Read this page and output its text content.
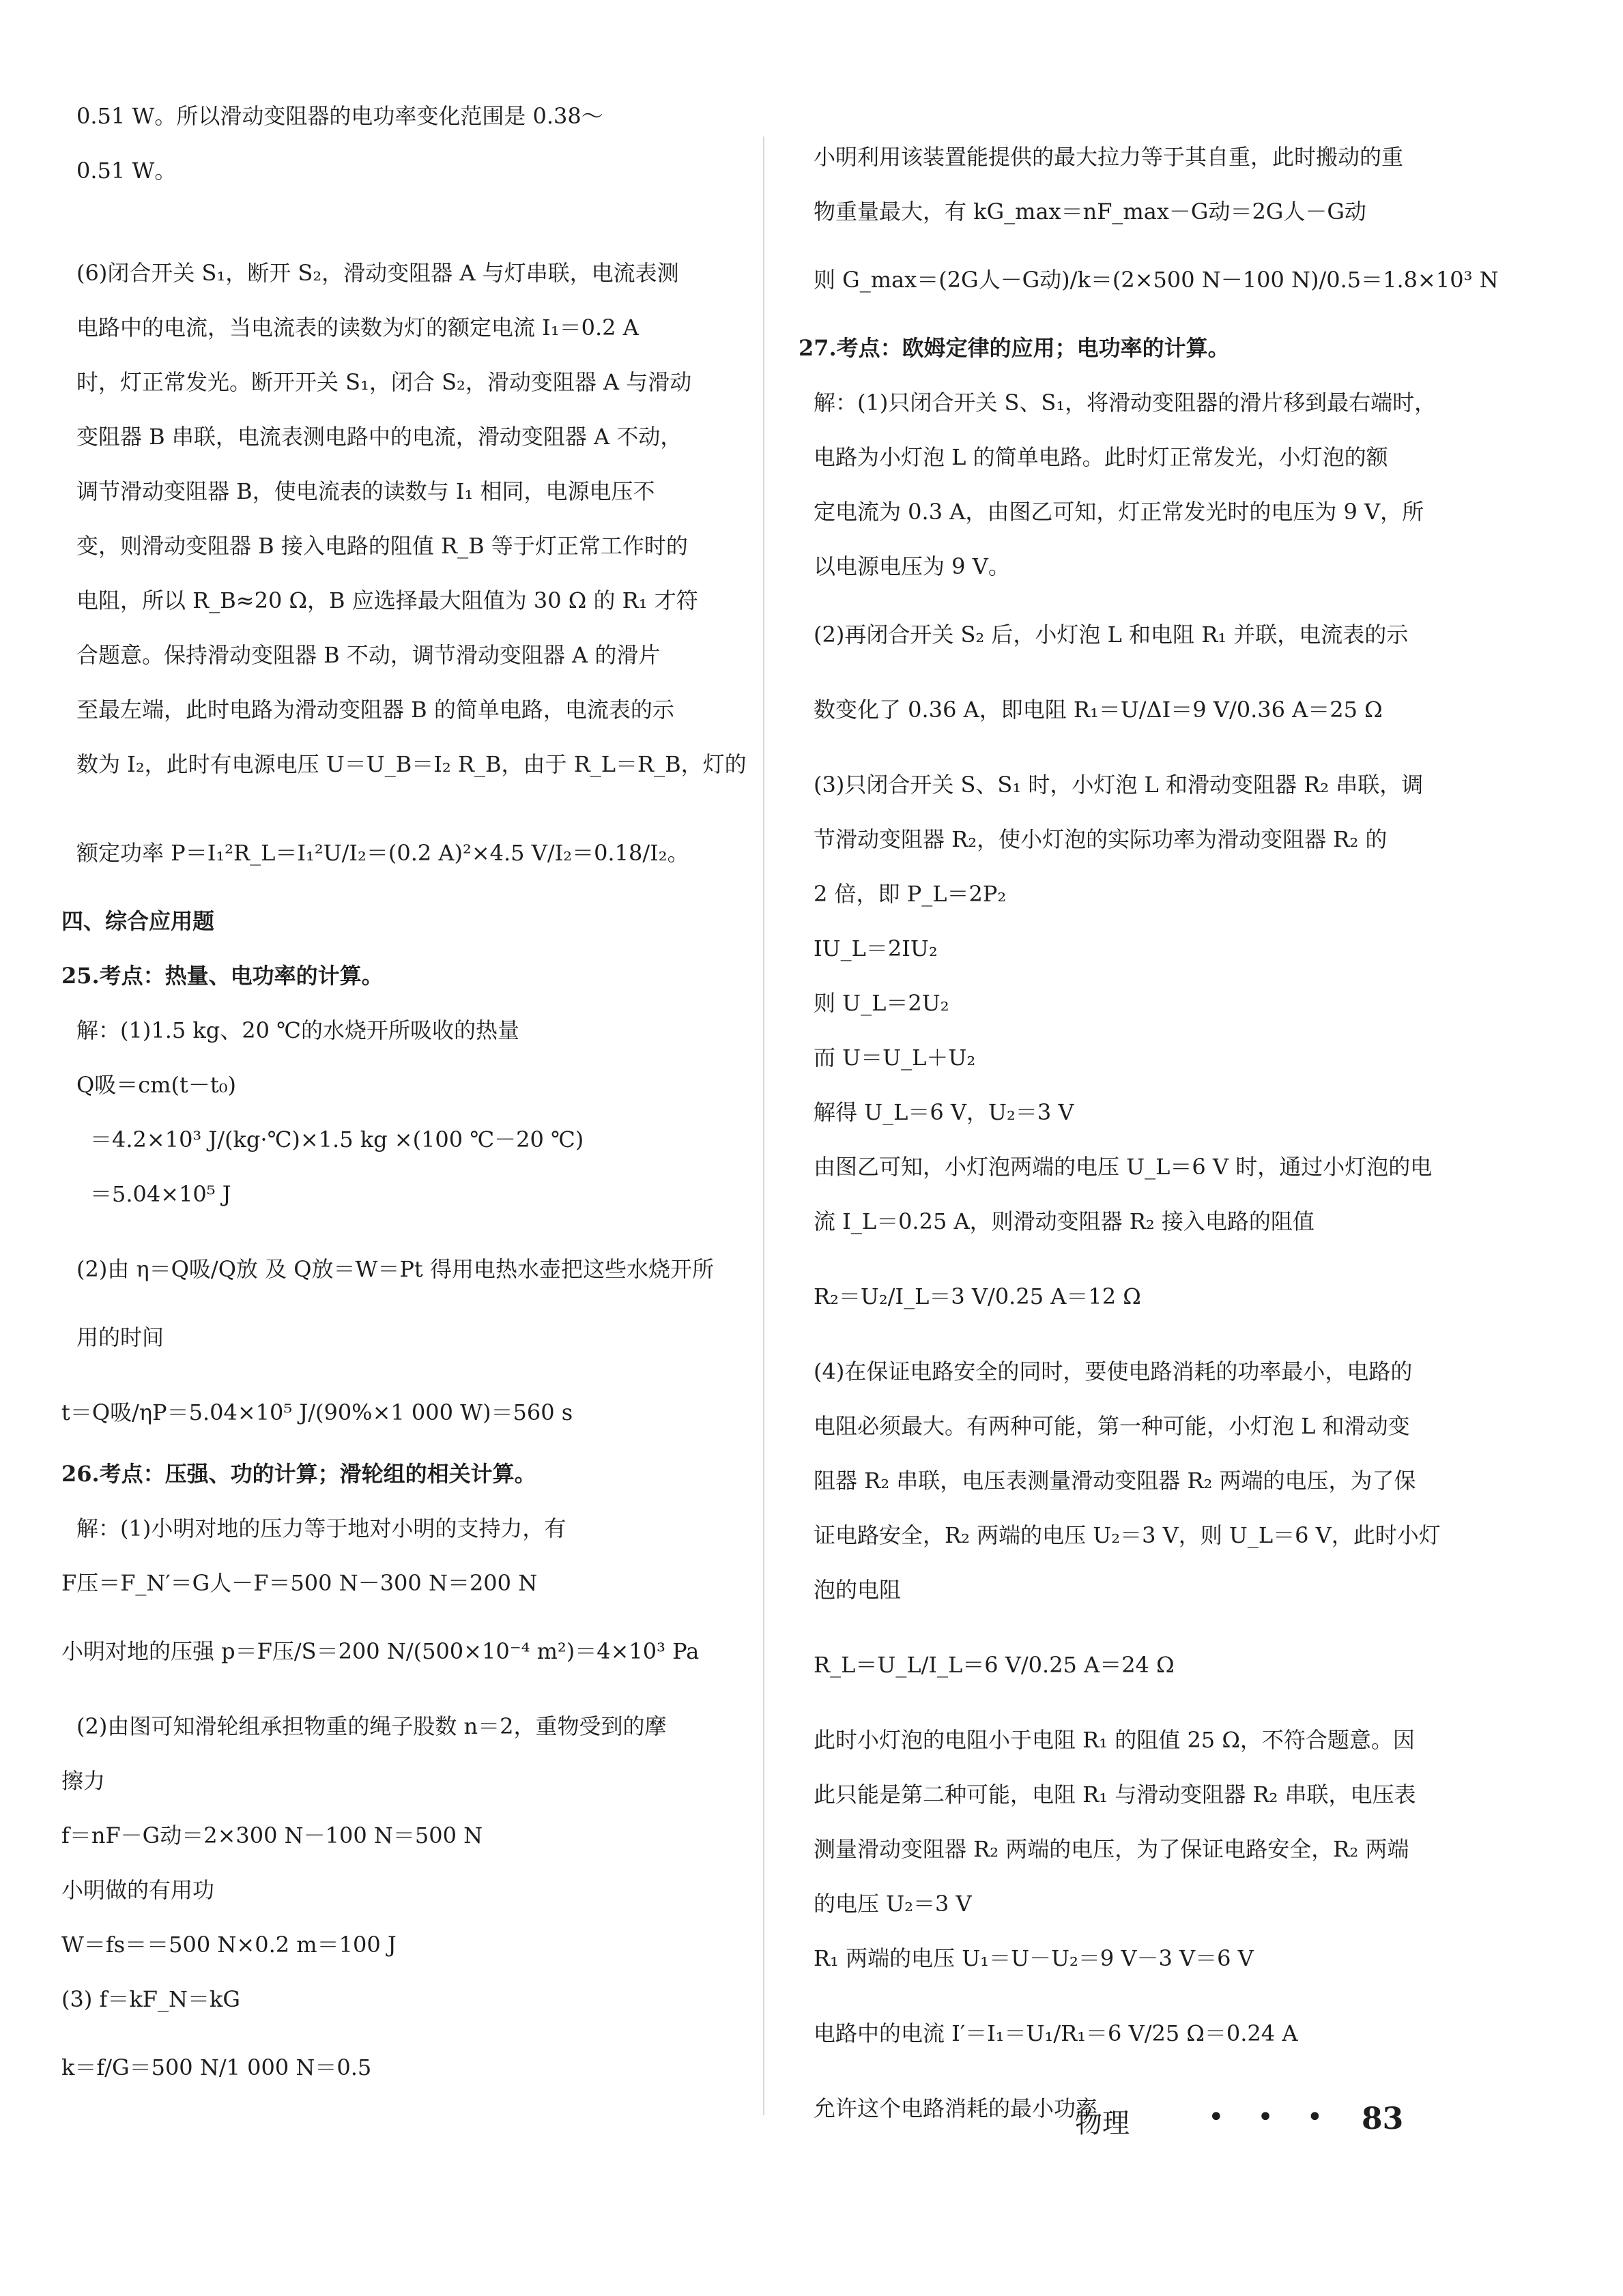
0.51 W。所以滑动变阻器的电功率变化范围是 0.38～
0.51 W。
(6)闭合开关 S₁，断开 S₂，滑动变阻器 A 与灯串联，电流表测
电路中的电流，当电流表的读数为灯的额定电流 I₁＝0.2 A
时，灯正常发光。断开开关 S₁，闭合 S₂，滑动变阻器 A 与滑动
变阻器 B 串联，电流表测电路中的电流，滑动变阻器 A 不动，
调节滑动变阻器 B，使电流表的读数与 I₁ 相同，电源电压不
变，则滑动变阻器 B 接入电路的阻值 R_B 等于灯正常工作时的
电阻，所以 R_B≈20 Ω，B 应选择最大阻值为 30 Ω 的 R₁ 才符
合题意。保持滑动变阻器 B 不动，调节滑动变阻器 A 的滑片
至最左端，此时电路为滑动变阻器 B 的简单电路，电流表的示
数为 I₂，此时有电源电压 U＝U_B＝I₂ R_B，由于 R_L＝R_B，灯的
额定功率 P＝I₁²R_L＝I₁²U/I₂＝(0.2 A)²×4.5 V/I₂＝0.18/I₂。
四、综合应用题
25.考点：热量、电功率的计算。
解：(1)1.5 kg、20 ℃的水烧开所吸收的热量
Q吸＝cm(t－t₀)
＝4.2×10³ J/(kg·℃)×1.5 kg ×(100 ℃－20 ℃)
＝5.04×10⁵ J
(2)由 η＝Q吸/Q放 及 Q放＝W＝Pt 得用电热水壶把这些水烧开所
用的时间
t＝Q吸/ηP＝5.04×10⁵ J/(90%×1 000 W)＝560 s
26.考点：压强、功的计算；滑轮组的相关计算。
解：(1)小明对地的压力等于地对小明的支持力，有
F压＝F_N′＝G人－F＝500 N－300 N＝200 N
小明对地的压强 p＝F压/S＝200 N/(500×10⁻⁴ m²)＝4×10³ Pa
(2)由图可知滑轮组承担物重的绳子股数 n＝2，重物受到的摩
擦力
f＝nF－G动＝2×300 N－100 N＝500 N
小明做的有用功
W＝fs＝＝500 N×0.2 m＝100 J
(3) f＝kF_N＝kG
k＝f/G＝500 N/1 000 N＝0.5
小明利用该装置能提供的最大拉力等于其自重，此时搬动的重
物重量最大，有 kG_max＝nF_max－G动＝2G人－G动
则 G_max＝(2G人－G动)/k＝(2×500 N－100 N)/0.5＝1.8×10³ N
27.考点：欧姆定律的应用；电功率的计算。
解：(1)只闭合开关 S、S₁，将滑动变阻器的滑片移到最右端时，
电路为小灯泡 L 的简单电路。此时灯正常发光，小灯泡的额
定电流为 0.3 A，由图乙可知，灯正常发光时的电压为 9 V，所
以电源电压为 9 V。
(2)再闭合开关 S₂ 后，小灯泡 L 和电阻 R₁ 并联，电流表的示
数变化了 0.36 A，即电阻 R₁＝U/ΔI＝9 V/0.36 A＝25 Ω
(3)只闭合开关 S、S₁ 时，小灯泡 L 和滑动变阻器 R₂ 串联，调
节滑动变阻器 R₂，使小灯泡的实际功率为滑动变阻器 R₂ 的
2 倍，即 P_L＝2P₂
IU_L＝2IU₂
则 U_L＝2U₂
而 U＝U_L＋U₂
解得 U_L＝6 V，U₂＝3 V
由图乙可知，小灯泡两端的电压 U_L＝6 V 时，通过小灯泡的电
流 I_L＝0.25 A，则滑动变阻器 R₂ 接入电路的阻值
R₂＝U₂/I_L＝3 V/0.25 A＝12 Ω
(4)在保证电路安全的同时，要使电路消耗的功率最小，电路的
电阻必须最大。有两种可能，第一种可能，小灯泡 L 和滑动变
阻器 R₂ 串联，电压表测量滑动变阻器 R₂ 两端的电压，为了保
证电路安全，R₂ 两端的电压 U₂＝3 V，则 U_L＝6 V，此时小灯
泡的电阻
R_L＝U_L/I_L＝6 V/0.25 A＝24 Ω
此时小灯泡的电阻小于电阻 R₁ 的阻值 25 Ω，不符合题意。因
此只能是第二种可能，电阻 R₁ 与滑动变阻器 R₂ 串联，电压表
测量滑动变阻器 R₂ 两端的电压，为了保证电路安全，R₂ 两端
的电压 U₂＝3 V
R₁ 两端的电压 U₁＝U－U₂＝9 V－3 V＝6 V
电路中的电流 I′＝I₁＝U₁/R₁＝6 V/25 Ω＝0.24 A
允许这个电路消耗的最小功率
物理	• • • 83
